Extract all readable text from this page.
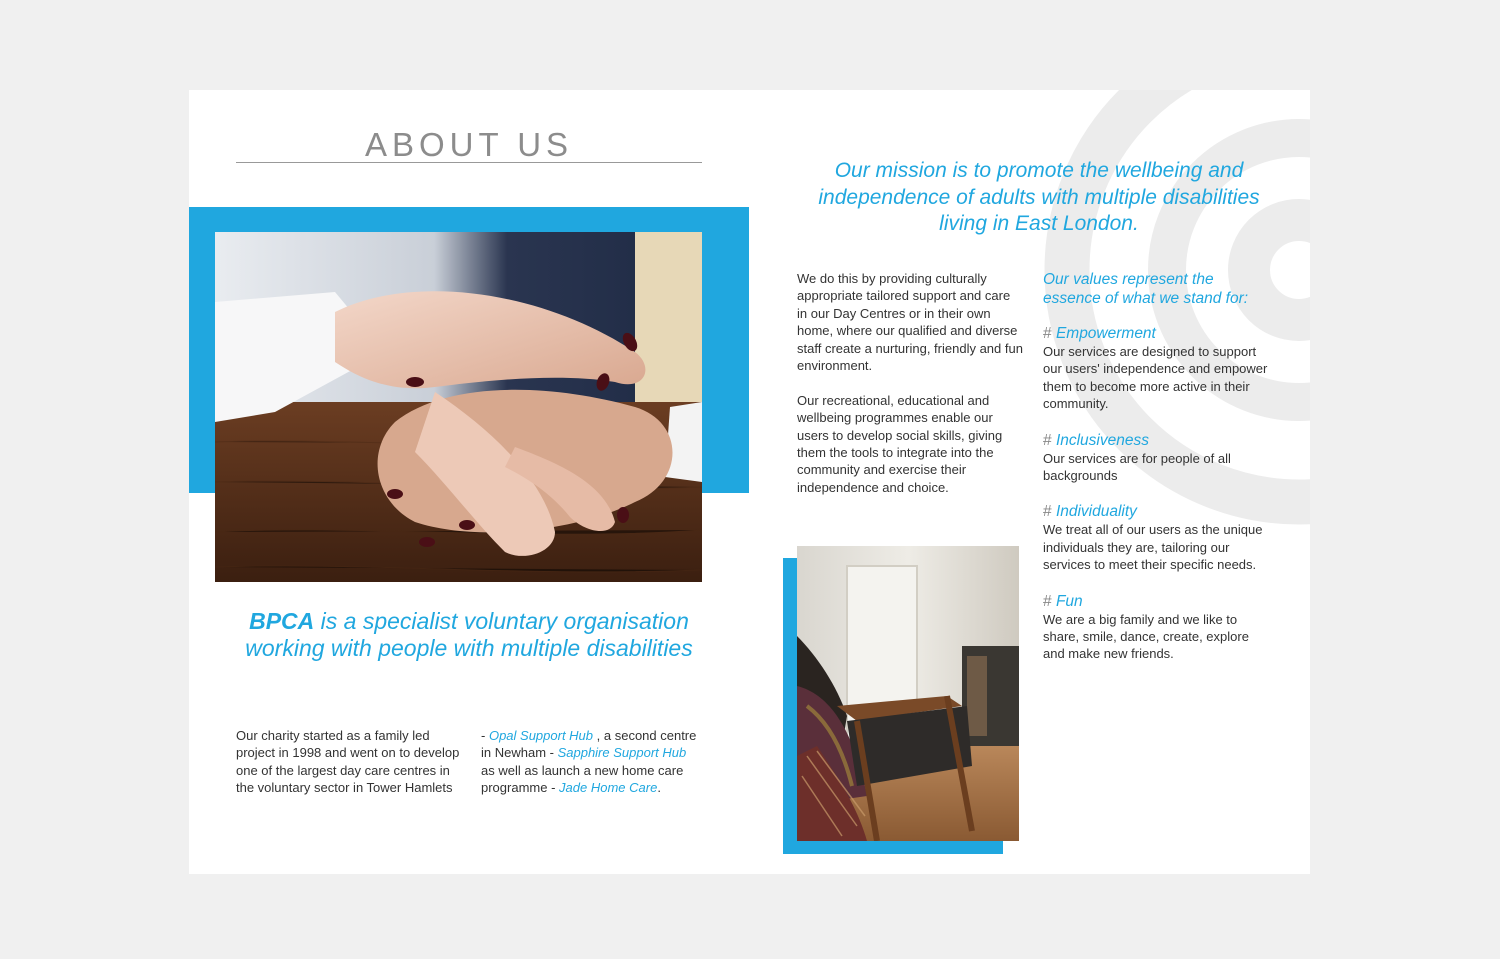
ABOUT US
BPCA is a specialist voluntary organisation working with people with multiple disabilities
Our charity started as a family led project in 1998 and went on to develop one of the largest day care centres in the voluntary sector in Tower Hamlets
- Opal Support Hub , a second centre in Newham - Sapphire Support Hub as well as launch a new home care programme - Jade Home Care.
Our mission is to promote the wellbeing and independence of adults with multiple disabilities living in East London.

We do this by providing culturally appropriate tailored support and care in our Day Centres or in their own home, where our qualified and diverse staff create a nurturing, friendly and fun environment.

Our recreational, educational and wellbeing programmes enable our users to develop social skills, giving them the tools to integrate into the community and exercise their independence and choice.

Our values represent the essence of what we stand for:
# Empowerment
Our services are designed to support our users' independence and empower them to become more active in their community.
# Inclusiveness
Our services are for people of all backgrounds
# Individuality
We treat all of our users as the unique individuals they are, tailoring our services to meet their specific needs.
# Fun
We are a big family and we like to share, smile, dance, create, explore and make new friends.
